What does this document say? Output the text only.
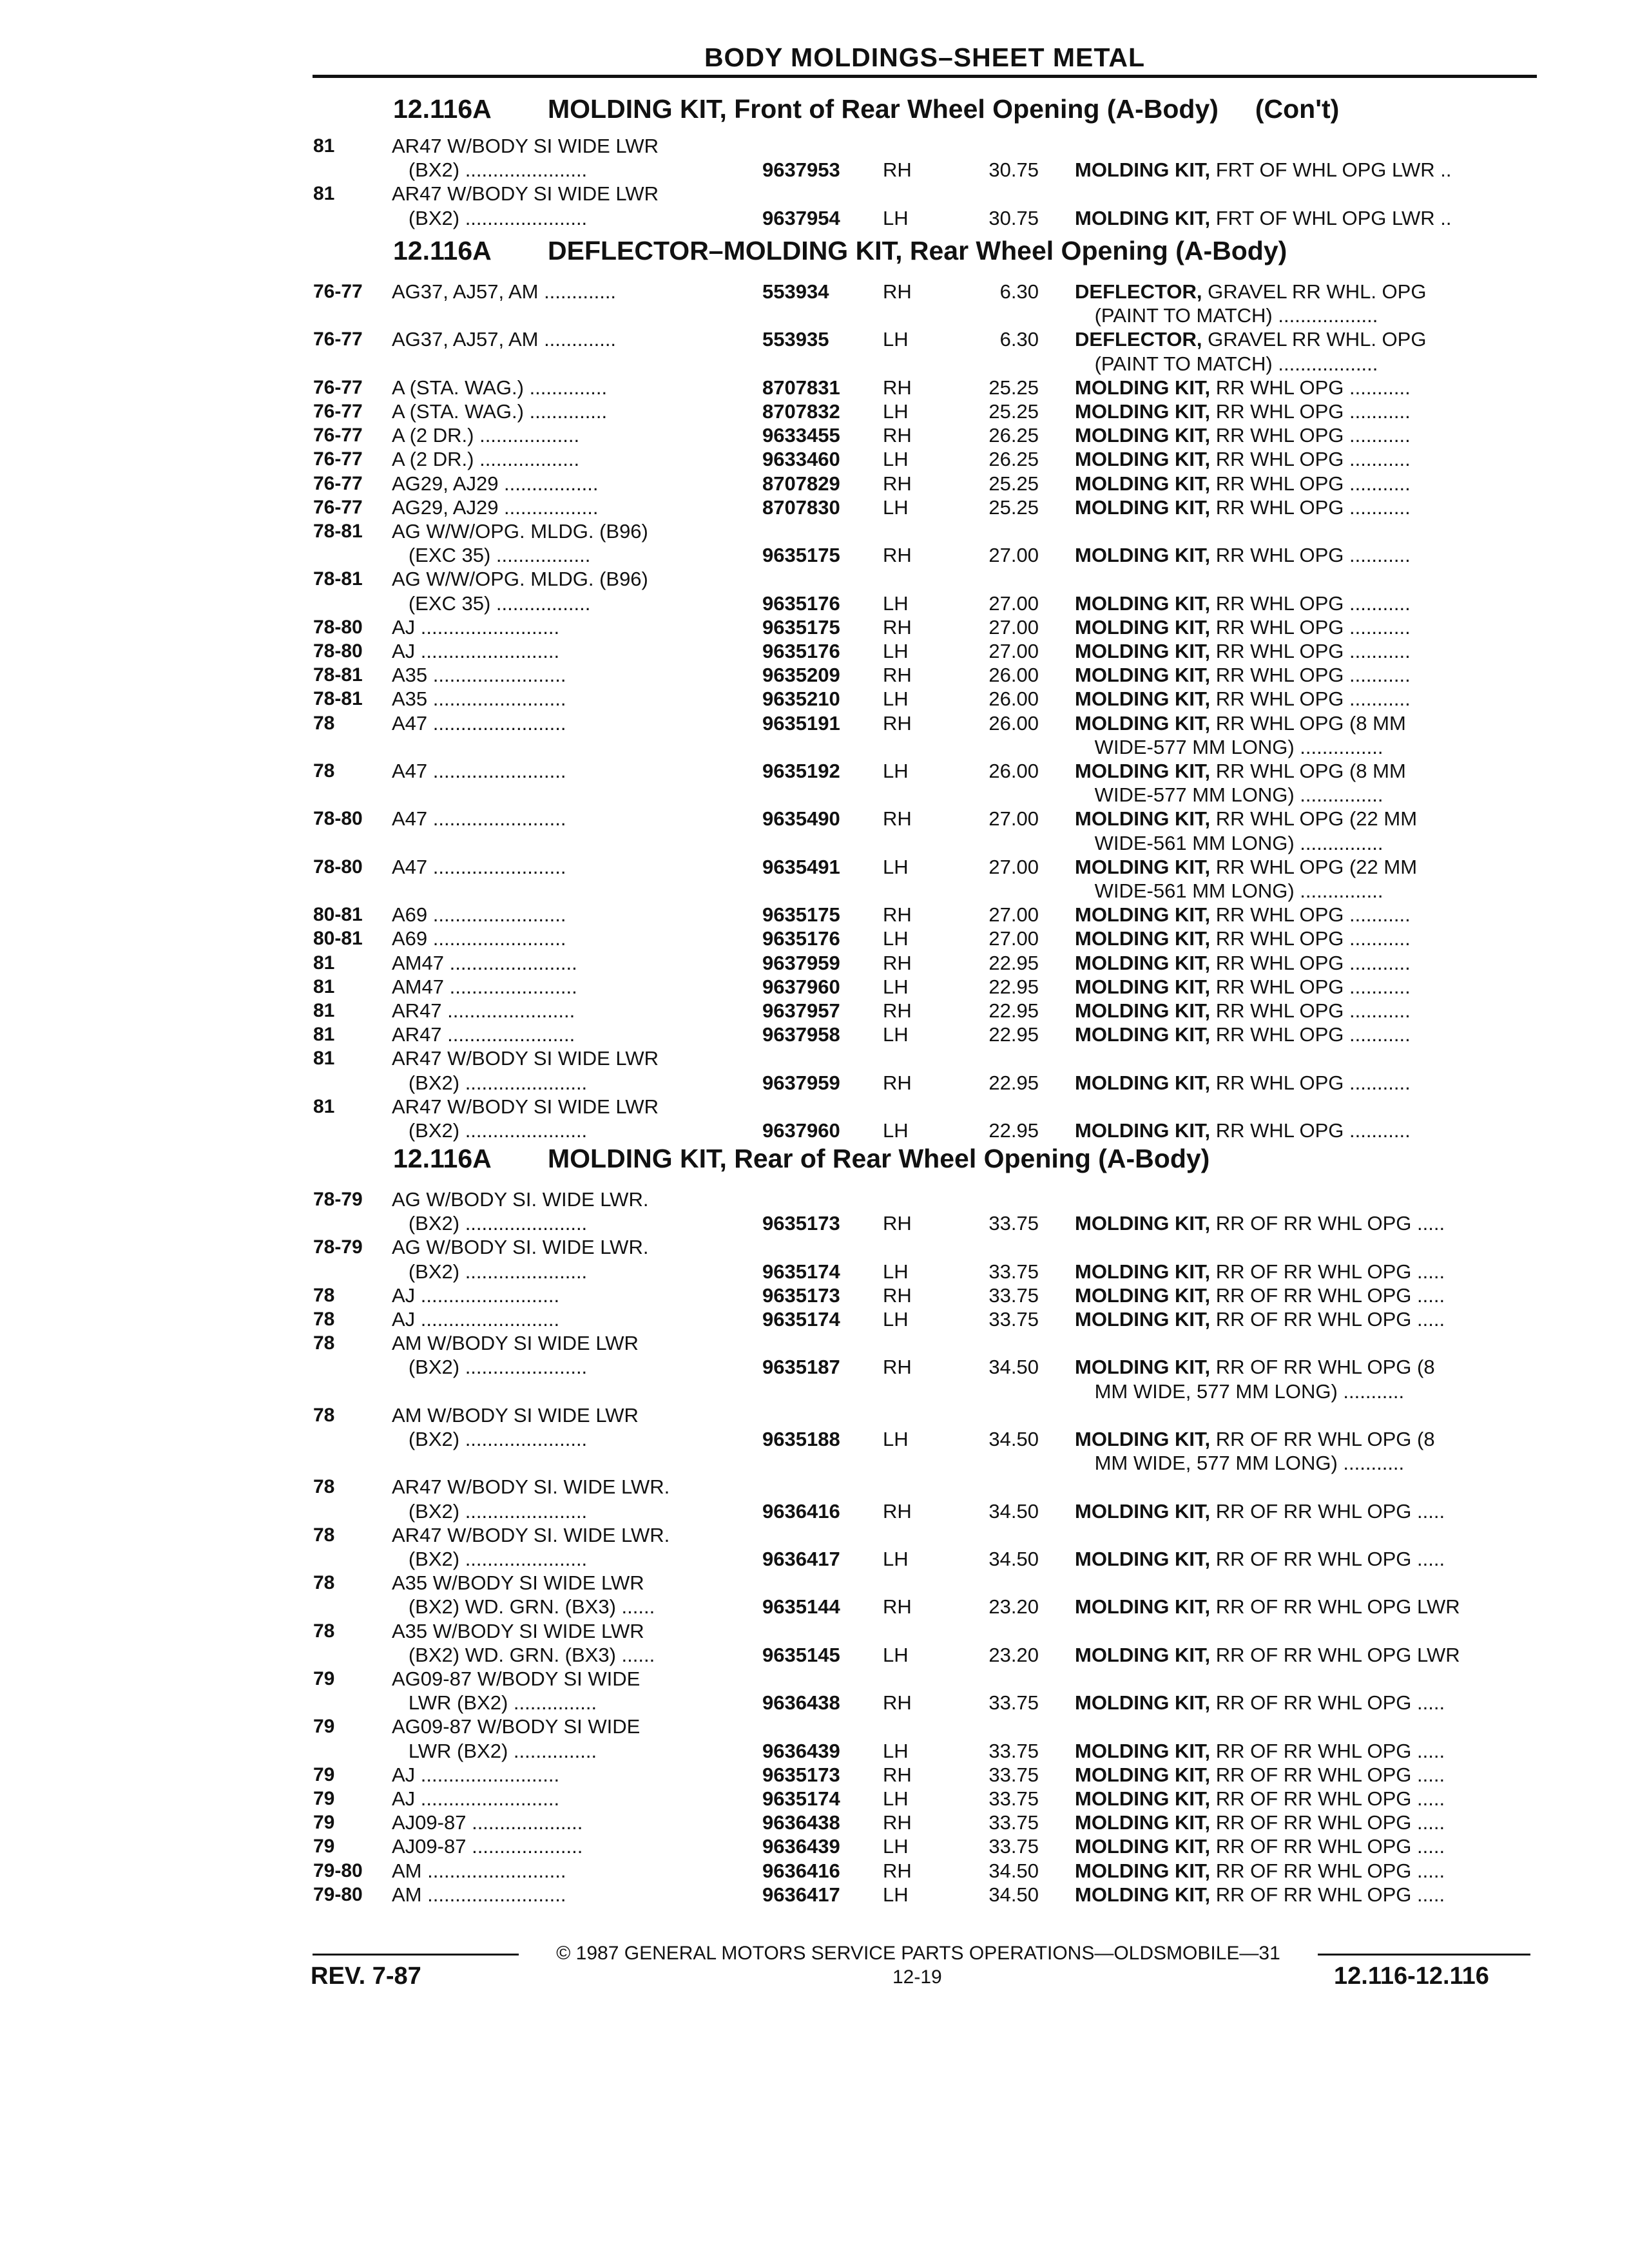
BODY MOLDINGS–SHEET METAL
12.116A MOLDING KIT, Front of Rear Wheel Opening (A-Body)     (Con't)
81	AR47 W/BODY SI WIDE LWR
(BX2) ......................	9637953 RH	30.75 MOLDING KIT, FRT OF WHL OPG LWR ..
81	AR47 W/BODY SI WIDE LWR
(BX2) ......................	9637954 LH	30.75 MOLDING KIT, FRT OF WHL OPG LWR ..
12.116A DEFLECTOR–MOLDING KIT, Rear Wheel Opening (A-Body)
76-77 AG37, AJ57, AM .............	553934	RH	6.30 DEFLECTOR, GRAVEL RR WHL. OPG
(PAINT TO MATCH) ..................
76-77 AG37, AJ57, AM .............	553935	LH	6.30 DEFLECTOR, GRAVEL RR WHL. OPG
(PAINT TO MATCH) ..................
76-77 A (STA. WAG.) ..............	8707831 RH	25.25 MOLDING KIT, RR WHL OPG ...........
76-77 A (STA. WAG.) ..............	8707832 LH	25.25 MOLDING KIT, RR WHL OPG ...........
76-77 A (2 DR.) ..................	9633455 RH	26.25 MOLDING KIT, RR WHL OPG ...........
76-77 A (2 DR.) ..................	9633460 LH	26.25 MOLDING KIT, RR WHL OPG ...........
76-77 AG29, AJ29 .................	8707829 RH	25.25 MOLDING KIT, RR WHL OPG ...........
76-77 AG29, AJ29 .................	8707830 LH	25.25 MOLDING KIT, RR WHL OPG ...........
78-81 AG W/W/OPG. MLDG. (B96)
(EXC 35) .................	9635175 RH	27.00 MOLDING KIT, RR WHL OPG ...........
78-81 AG W/W/OPG. MLDG. (B96)
(EXC 35) .................	9635176 LH	27.00 MOLDING KIT, RR WHL OPG ...........
78-80 AJ .........................	9635175 RH	27.00 MOLDING KIT, RR WHL OPG ...........
78-80 AJ .........................	9635176 LH	27.00 MOLDING KIT, RR WHL OPG ...........
78-81 A35 ........................	9635209 RH	26.00 MOLDING KIT, RR WHL OPG ...........
78-81 A35 ........................	9635210 LH	26.00 MOLDING KIT, RR WHL OPG ...........
78	A47 ........................	9635191 RH	26.00 MOLDING KIT, RR WHL OPG (8 MM
WIDE-577 MM LONG) ...............
78	A47 ........................	9635192 LH	26.00 MOLDING KIT, RR WHL OPG (8 MM
WIDE-577 MM LONG) ...............
78-80 A47 ........................	9635490 RH	27.00 MOLDING KIT, RR WHL OPG (22 MM
WIDE-561 MM LONG) ...............
78-80 A47 ........................	9635491 LH	27.00 MOLDING KIT, RR WHL OPG (22 MM
WIDE-561 MM LONG) ...............
80-81 A69 ........................	9635175 RH	27.00 MOLDING KIT, RR WHL OPG ...........
80-81 A69 ........................	9635176 LH	27.00 MOLDING KIT, RR WHL OPG ...........
81	AM47 .......................	9637959 RH	22.95 MOLDING KIT, RR WHL OPG ...........
81	AM47 .......................	9637960 LH	22.95 MOLDING KIT, RR WHL OPG ...........
81	AR47 .......................	9637957 RH	22.95 MOLDING KIT, RR WHL OPG ...........
81	AR47 .......................	9637958 LH	22.95 MOLDING KIT, RR WHL OPG ...........
81	AR47 W/BODY SI WIDE LWR
(BX2) ......................	9637959 RH	22.95 MOLDING KIT, RR WHL OPG ...........
81	AR47 W/BODY SI WIDE LWR
(BX2) ......................	9637960 LH	22.95 MOLDING KIT, RR WHL OPG ...........
12.116A MOLDING KIT, Rear of Rear Wheel Opening (A-Body)
78-79 AG W/BODY SI. WIDE LWR.
(BX2) ......................	9635173 RH	33.75 MOLDING KIT, RR OF RR WHL OPG .....
78-79 AG W/BODY SI. WIDE LWR.
(BX2) ......................	9635174 LH	33.75 MOLDING KIT, RR OF RR WHL OPG .....
78	AJ .........................	9635173 RH	33.75 MOLDING KIT, RR OF RR WHL OPG .....
78	AJ .........................	9635174 LH	33.75 MOLDING KIT, RR OF RR WHL OPG .....
78	AM W/BODY SI WIDE LWR
(BX2) ......................	9635187 RH	34.50 MOLDING KIT, RR OF RR WHL OPG (8
MM WIDE, 577 MM LONG) ...........
78	AM W/BODY SI WIDE LWR
(BX2) ......................	9635188 LH	34.50 MOLDING KIT, RR OF RR WHL OPG (8
MM WIDE, 577 MM LONG) ...........
78	AR47 W/BODY SI. WIDE LWR.
(BX2) ......................	9636416 RH	34.50 MOLDING KIT, RR OF RR WHL OPG .....
78	AR47 W/BODY SI. WIDE LWR.
(BX2) ......................	9636417 LH	34.50 MOLDING KIT, RR OF RR WHL OPG .....
78	A35 W/BODY SI WIDE LWR
(BX2) WD. GRN. (BX3) ......	9635144 RH	23.20 MOLDING KIT, RR OF RR WHL OPG LWR
78	A35 W/BODY SI WIDE LWR
(BX2) WD. GRN. (BX3) ......	9635145 LH	23.20 MOLDING KIT, RR OF RR WHL OPG LWR
79	AG09-87 W/BODY SI WIDE
LWR (BX2) ...............	9636438 RH	33.75 MOLDING KIT, RR OF RR WHL OPG .....
79	AG09-87 W/BODY SI WIDE
LWR (BX2) ...............	9636439 LH	33.75 MOLDING KIT, RR OF RR WHL OPG .....
79	AJ .........................	9635173 RH	33.75 MOLDING KIT, RR OF RR WHL OPG .....
79	AJ .........................	9635174 LH	33.75 MOLDING KIT, RR OF RR WHL OPG .....
79	AJ09-87 ....................	9636438 RH	33.75 MOLDING KIT, RR OF RR WHL OPG .....
79	AJ09-87 ....................	9636439 LH	33.75 MOLDING KIT, RR OF RR WHL OPG .....
79-80 AM .........................	9636416 RH	34.50 MOLDING KIT, RR OF RR WHL OPG .....
79-80 AM .........................	9636417 LH	34.50 MOLDING KIT, RR OF RR WHL OPG .....
© 1987 GENERAL MOTORS SERVICE PARTS OPERATIONS—OLDSMOBILE—31
REV. 7-87	12-19	12.116-12.116
